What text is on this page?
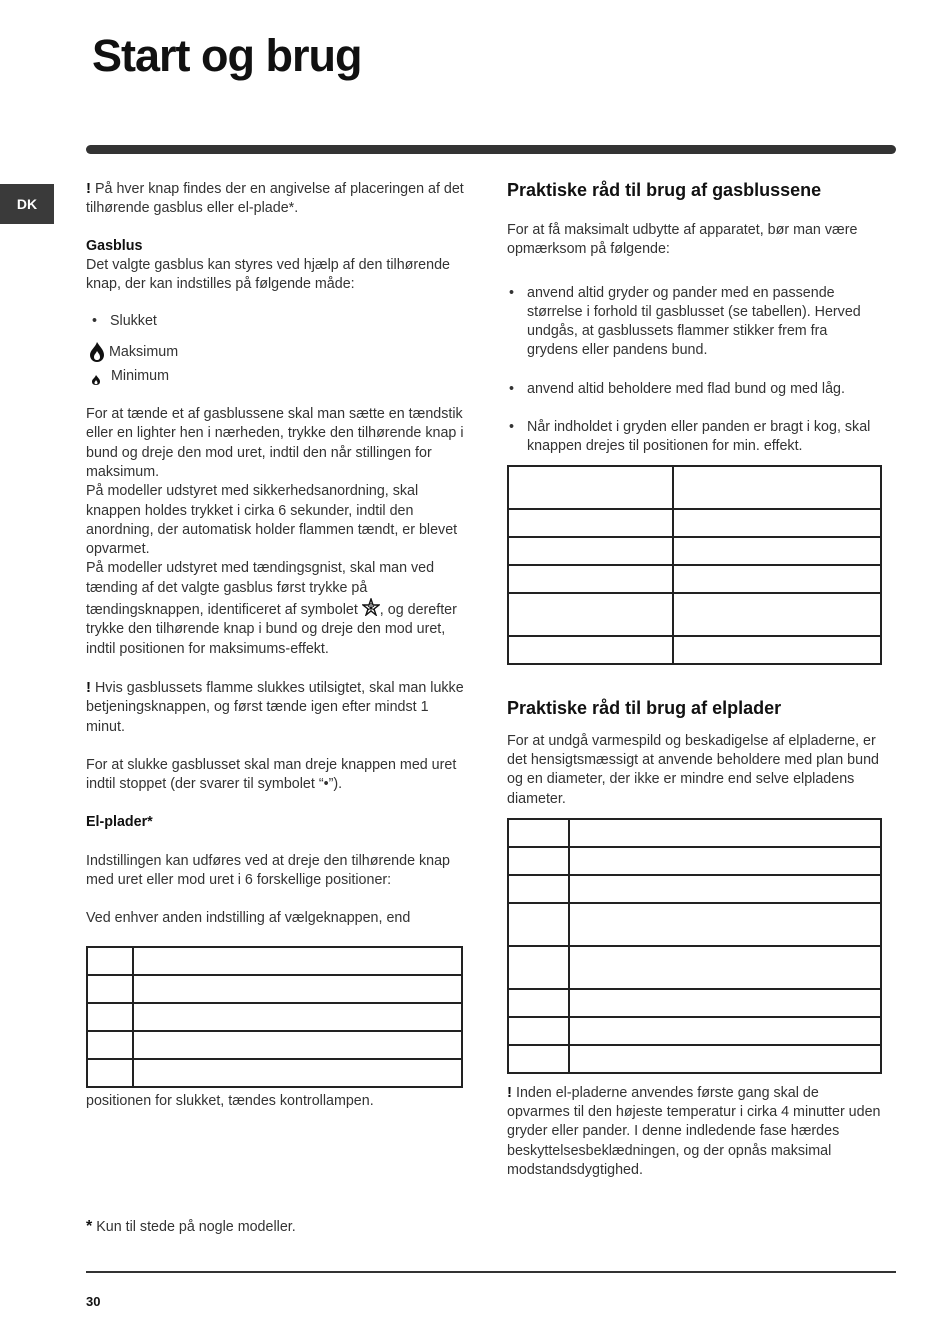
Start og brug
DK

! På hver knap findes der en angivelse af placeringen af det tilhørende gasblus eller el-plade*.

Gasblus

Det valgte gasblus kan styres ved hjælp af den tilhørende knap, der kan indstilles på følgende måde:

• Slukket
Maksimum
Minimum

For at tænde et af gasblussene skal man sætte en tændstik eller en lighter hen i nærheden, trykke den tilhørende knap i bund og dreje den mod uret, indtil den når stillingen for maksimum.

På modeller udstyret med sikkerhedsanordning, skal knappen holdes trykket i cirka 6 sekunder, indtil den anordning, der automatisk holder flammen tændt, er blevet opvarmet.

På modeller udstyret med tændingsgnist, skal man ved tænding af det valgte gasblus først trykke på tændingsknappen, identificeret af symbolet , og derefter trykke den tilhørende knap i bund og dreje den mod uret, indtil positionen for maksimums-effekt.

! Hvis gasblussets flamme slukkes utilsigtet, skal man lukke betjeningsknappen, og først tænde igen efter mindst 1 minut.

For at slukke gasblusset skal man dreje knappen med uret indtil stoppet (der svarer til symbolet “•”).

El-plader*

Indstillingen kan udføres ved at dreje den tilhørende knap med uret eller mod uret i 6 forskellige positioner:

Ved enhver anden indstilling af vælgeknappen, end

positionen for slukket, tændes kontrollampen.

Praktiske råd til brug af gasblussene

For at få maksimalt udbytte af apparatet, bør man være opmærksom på følgende:

• anvend altid gryder og pander med en passende størrelse i forhold til gasblusset (se tabellen). Herved undgås, at gasblussets flammer stikker frem fra grydens eller pandens bund.
• anvend altid beholdere med flad bund og med låg.
• Når indholdet i gryden eller panden er bragt i kog, skal knappen drejes til positionen for min. effekt.

Praktiske råd til brug af elplader

For at undgå varmespild og beskadigelse af elpladerne, er det hensigtsmæssigt at anvende beholdere med plan bund og en diameter, der ikke er mindre end selve elpladens diameter.

! Inden el-pladerne anvendes første gang skal de opvarmes til den højeste temperatur i cirka 4 minutter uden gryder eller pander. I denne indledende fase hærdes beskyttelsesbeklædningen, og der opnås maksimal modstandsdygtighed.

* Kun til stede på nogle modeller.
30
